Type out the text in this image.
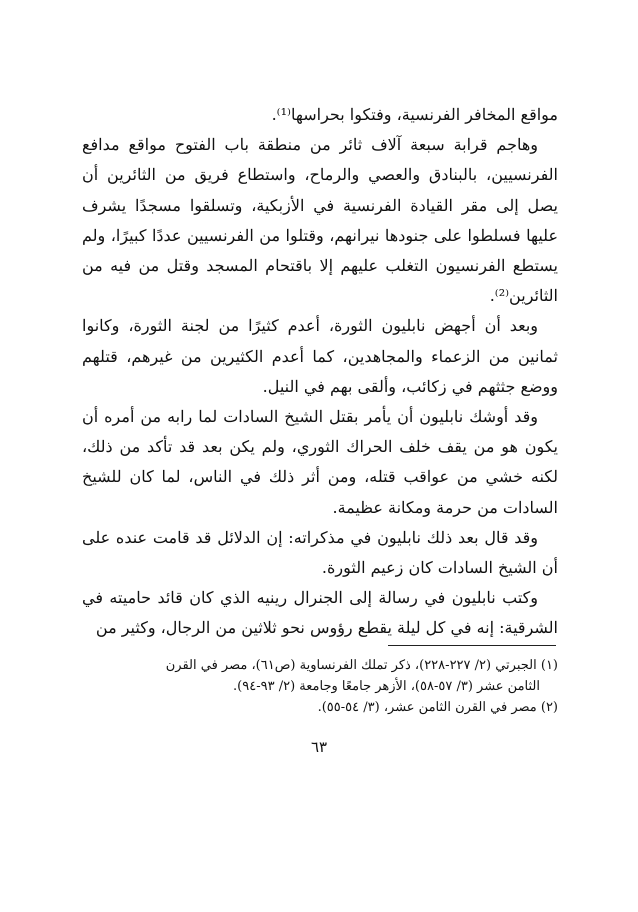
مواقع المخافر الفرنسية، وفتكوا بحراسها⁽¹⁾.

وهاجم قرابة سبعة آلاف ثائر من منطقة باب الفتوح مواقع مدافع الفرنسيين، بالبنادق والعصي والرماح، واستطاع فريق من الثائرين أن يصل إلى مقر القيادة الفرنسية في الأزبكية، وتسلقوا مسجدًا يشرف عليها فسلطوا على جنودها نيرانهم، وقتلوا من الفرنسيين عددًا كبيرًا، ولم يستطع الفرنسيون التغلب عليهم إلا باقتحام المسجد وقتل من فيه من الثائرين⁽²⁾.

وبعد أن أجهض نابليون الثورة، أعدم كثيرًا من لجنة الثورة، وكانوا ثمانين من الزعماء والمجاهدين، كما أعدم الكثيرين من غيرهم، قتلهم ووضع جثثهم في زكائب، وألقى بهم في النيل.

وقد أوشك نابليون أن يأمر بقتل الشيخ السادات لما رابه من أمره أن يكون هو من يقف خلف الحراك الثوري، ولم يكن بعد قد تأكد من ذلك، لكنه خشي من عواقب قتله، ومن أثر ذلك في الناس، لما كان للشيخ السادات من حرمة ومكانة عظيمة.

وقد قال بعد ذلك نابليون في مذكراته: إن الدلائل قد قامت عنده على أن الشيخ السادات كان زعيم الثورة.

وكتب نابليون في رسالة إلى الجنرال رينيه الذي كان قائد حاميته في الشرقية: إنه في كل ليلة يقطع رؤوس نحو ثلاثين من الرجال، وكثير من

(١) الجبرتي (٢/ ٢٢٧-٢٢٨)، ذكر تملك الفرنساوية (ص٦١)، مصر في القرن

الثامن عشر (٣/ ٥٧-٥٨)، الأزهر جامعًا وجامعة (٢/ ٩٣-٩٤).

(٢) مصر في القرن الثامن عشر، (٣/ ٥٤-٥٥).

٦٣
